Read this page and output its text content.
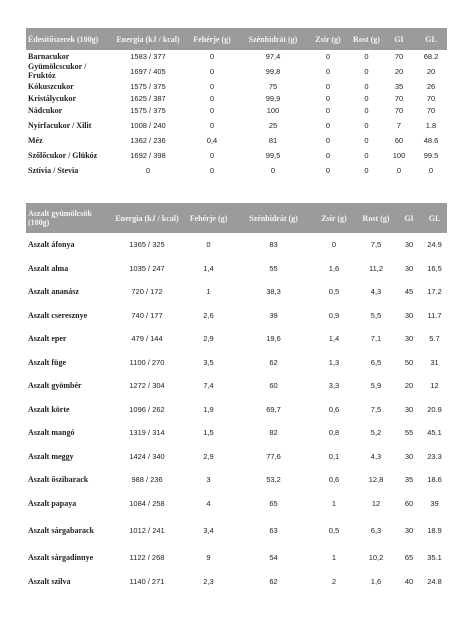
Édesítőszerek (100g)	Energia (kJ / kcal)	Fehérje (g)	Szénhidrát (g)	Zsír (g)	Rost (g)	GI	GL
Barnacukor	1583 / 377	0	97,4	0	0	70	68.2
Gyümölcscukor / Fruktóz	1697 / 405	0	99,8	0	0	20	20
Kókuszcukor	1575 / 375	0	75	0	0	35	26
Kristálycukor	1625 / 387	0	99,9	0	0	70	70
Nádcukor	1575 / 375	0	100	0	0	70	70
Nyírfacukor / Xilit	1008 / 240	0	25	0	0	7	1.8
Méz	1362 / 236	0,4	81	0	0	60	48.6
Szőlőcukor / Glükóz	1692 / 398	0	99,5	0	0	100	99.5
Sztívia / Stevia	0	0	0	0	0	0	0
Aszalt gyümölcsök (100g)	Energia (kJ / kcal)	Fehérje (g)	Szénhidrát (g)	Zsír (g)	Rost (g)	GI	GL
Aszalt áfonya	1365 / 325	0	83	0	7,5	30	24.9
Aszalt alma	1035 / 247	1,4	55	1,6	11,2	30	16,5
Aszalt ananász	720 / 172	1	38,3	0,5	4,3	45	17.2
Aszalt cseresznye	740 / 177	2,6	39	0,9	5,5	30	11.7
Aszalt eper	479 / 144	2,9	19,6	1,4	7,1	30	5.7
Aszalt füge	1100 / 270	3,5	62	1,3	6,5	50	31
Aszalt gyömbér	1272 / 304	7,4	60	3,3	5,9	20	12
Aszalt körte	1096 / 262	1,9	69,7	0,6	7,5	30	20.9
Aszalt mangó	1319 / 314	1,5	82	0,8	5,2	55	45.1
Aszalt meggy	1424 / 340	2,9	77,6	0,1	4,3	30	23.3
Aszalt őszibarack	988 / 236	3	53,2	0,6	12,8	35	18.6
Aszalt papaya	1084 / 258	4	65	1	12	60	39
Aszalt sárgabarack	1012 / 241	3,4	63	0,5	6,3	30	18.9
Aszalt sárgadinnye	1122 / 268	9	54	1	10,2	65	35.1
Aszalt szilva	1140 / 271	2,3	62	2	1,6	40	24.8
